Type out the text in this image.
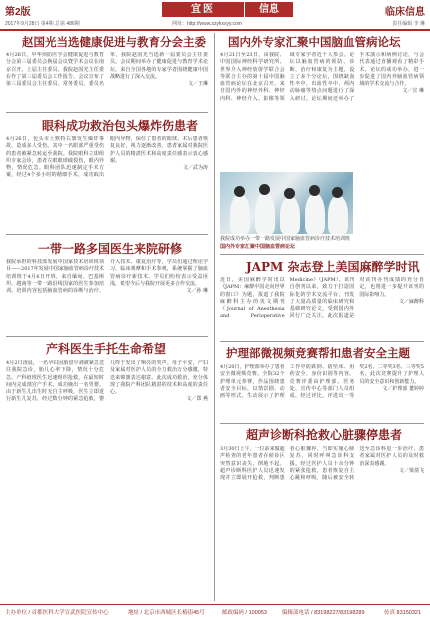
第2版	宜医	信息	临床信息
2017年9月28日 第4期 总第 486期	网址：http://www.szykxxyy.com	责任编辑 李 琳
赵国光当选健康促进与教育分会主委
4月26日，中华预防医学会健康促进与教育分会第三届委员会换届会议暨学术会议在南京召开。上届主任委员、我院赵国光主任委在作了第三届委员会工作报告。会议宣布了第三届委员会主任委员、常务委员、委员名单，我院赵国光当选新一届委员会主任委员。会议期间举办了健康促进与教育学术论坛，来自全国各地的专家学者围绕健康中国战略进行了深入交流。
文／王琳
眼科成功救治包头爆炸伤患者
4月26日，包头市土默特右旗发生爆炸事故，造成多人受伤。其中一名眼部严重受伤的患者被紧急转运至我院。我院眼科立即组织专家会诊，患者左眼眼球破裂伤，眼内异物，情况危急。眼科团队迅速制定手术方案，经过4个多小时的精细手术，成功取出眼内异物，保住了患者的眼球。术后患者恢复良好，视力逐渐改善，患者家属对我院医护人员的精湛医术和高度责任感表示衷心感谢。
文／武为涛
一带一路多国医生来院研修
我院承担的科技部发展中国家技术培训班项目——2017年发展中国家脑血管病诊疗技术培训班于4月6日开班，来自缅甸、巴基斯坦、越南等一带一路沿线国家的医生参加培训。培训内容包括脑血管病的诊断与治疗、介入技术、康复治疗等，学员们通过理论学习、临床观摩和手术参观，系统掌握了脑血管病诊疗新技术。学员们纷纷表示受益匪浅，希望今后与我院开展更多合作交流。
文／孙 琳
产科医生手托生命希望
4月2日凌晨，一名孕妇因胎盘早剥被紧急送往我院急诊，胎儿心率下降，情况十分危急。产科值班医生迅速组织抢救，在最短时间内完成剖宫产手术，成功娩出一名男婴。由于新生儿出生时无自主呼吸，医生立即进行新生儿复苏，经过数分钟的紧急抢救，婴儿终于发出了响亮的哭声。母子平安，产妇及家属对医护人员的全力救治万分感激，特送来锦旗表达谢意。此次成功救治，充分体现了我院产科团队精湛的技术和高度的责任心。
文／郑 燕
国内外专家汇聚中国脑血管病论坛
4月21日至23日，由我院、中国国际神经科学研究所、世界介入神经放射学联合会等联合主办的第十届中国脑血管病论坛在北京召开。来自国内外的神经外科、神经内科、神经介入、影像等领域专家学者近千人参会。论坛以脑血管病的预防、诊断、治疗和康复为主题，设立了多个分论坛，围绕缺血性卒中、出血性卒中、颅内动脉瘤等热点问题进行了深入研讨。论坛期间还举办了手术演示和病例讨论，与会代表通过直播观看了精彩手术。论坛的成功举办，进一步促进了国内外脑血管病领域的学术交流与合作。
文／宣 琳
我院成功举办一带一路发展中国家脑血管病诊疗技术培训班
国内外专家汇聚中国脑血管病论坛
JAPM 杂志登上美国麻醉学时讯
近日，美国麻醉学时讯以《JAPM：麻醉中国走向世界的窗口》为题，报道了我院麻醉科主办的英文期刊《Journal of Anesthesia and Perioperative Medicine》（JAPM）。该刊自创刊以来，致力于打造国际化的学术交流平台，刊发了大量高质量的临床研究和基础研究论文，受到国内外同行广泛关注。此次报道是对该刊办刊成绩的充分肯定，也将进一步提升该刊的国际影响力。
文／麻醉科
护理部微视频竞赛帮扣患者安全主题
4月20日，护理部举办了患者安全微视频竞赛。全院32个护理单元参赛，作品围绕患者安全目标，以情景剧、动画等形式，生动展示了护理工作中防跌倒、防坠床、用药安全、身份识别等内容。竞赛评委由护理部、医务处、宣传中心等部门人员组成，经过评比，评选出一等奖2名、二等奖3名、三等奖5名。此次竞赛提升了护理人员的安全意识和创新能力。
文／护理部 董婷婷
超声诊断科抢救心脏骤停患者
3月30日上午，一位前来做超声检查的老年患者在候诊区突然意识丧失、倒地不起。超声诊断科医护人员迅速发现并立即展开抢救，判断患者心脏骤停，当即实施心肺复苏，同时呼叫急诊科支援。经过医护人员十余分钟的紧张抢救，患者恢复自主心跳和呼吸，随后被安全转送至急诊科进一步治疗。患者家属对医护人员的及时救治深表感谢。
文／梁倩飞
主办单位 / 首都医科大学宣武医院宣传中心	地址 / 北京市西城区长椿街45号	邮政编码 / 100053	编辑部电话 / 83198227/83198289	传真 83150321
